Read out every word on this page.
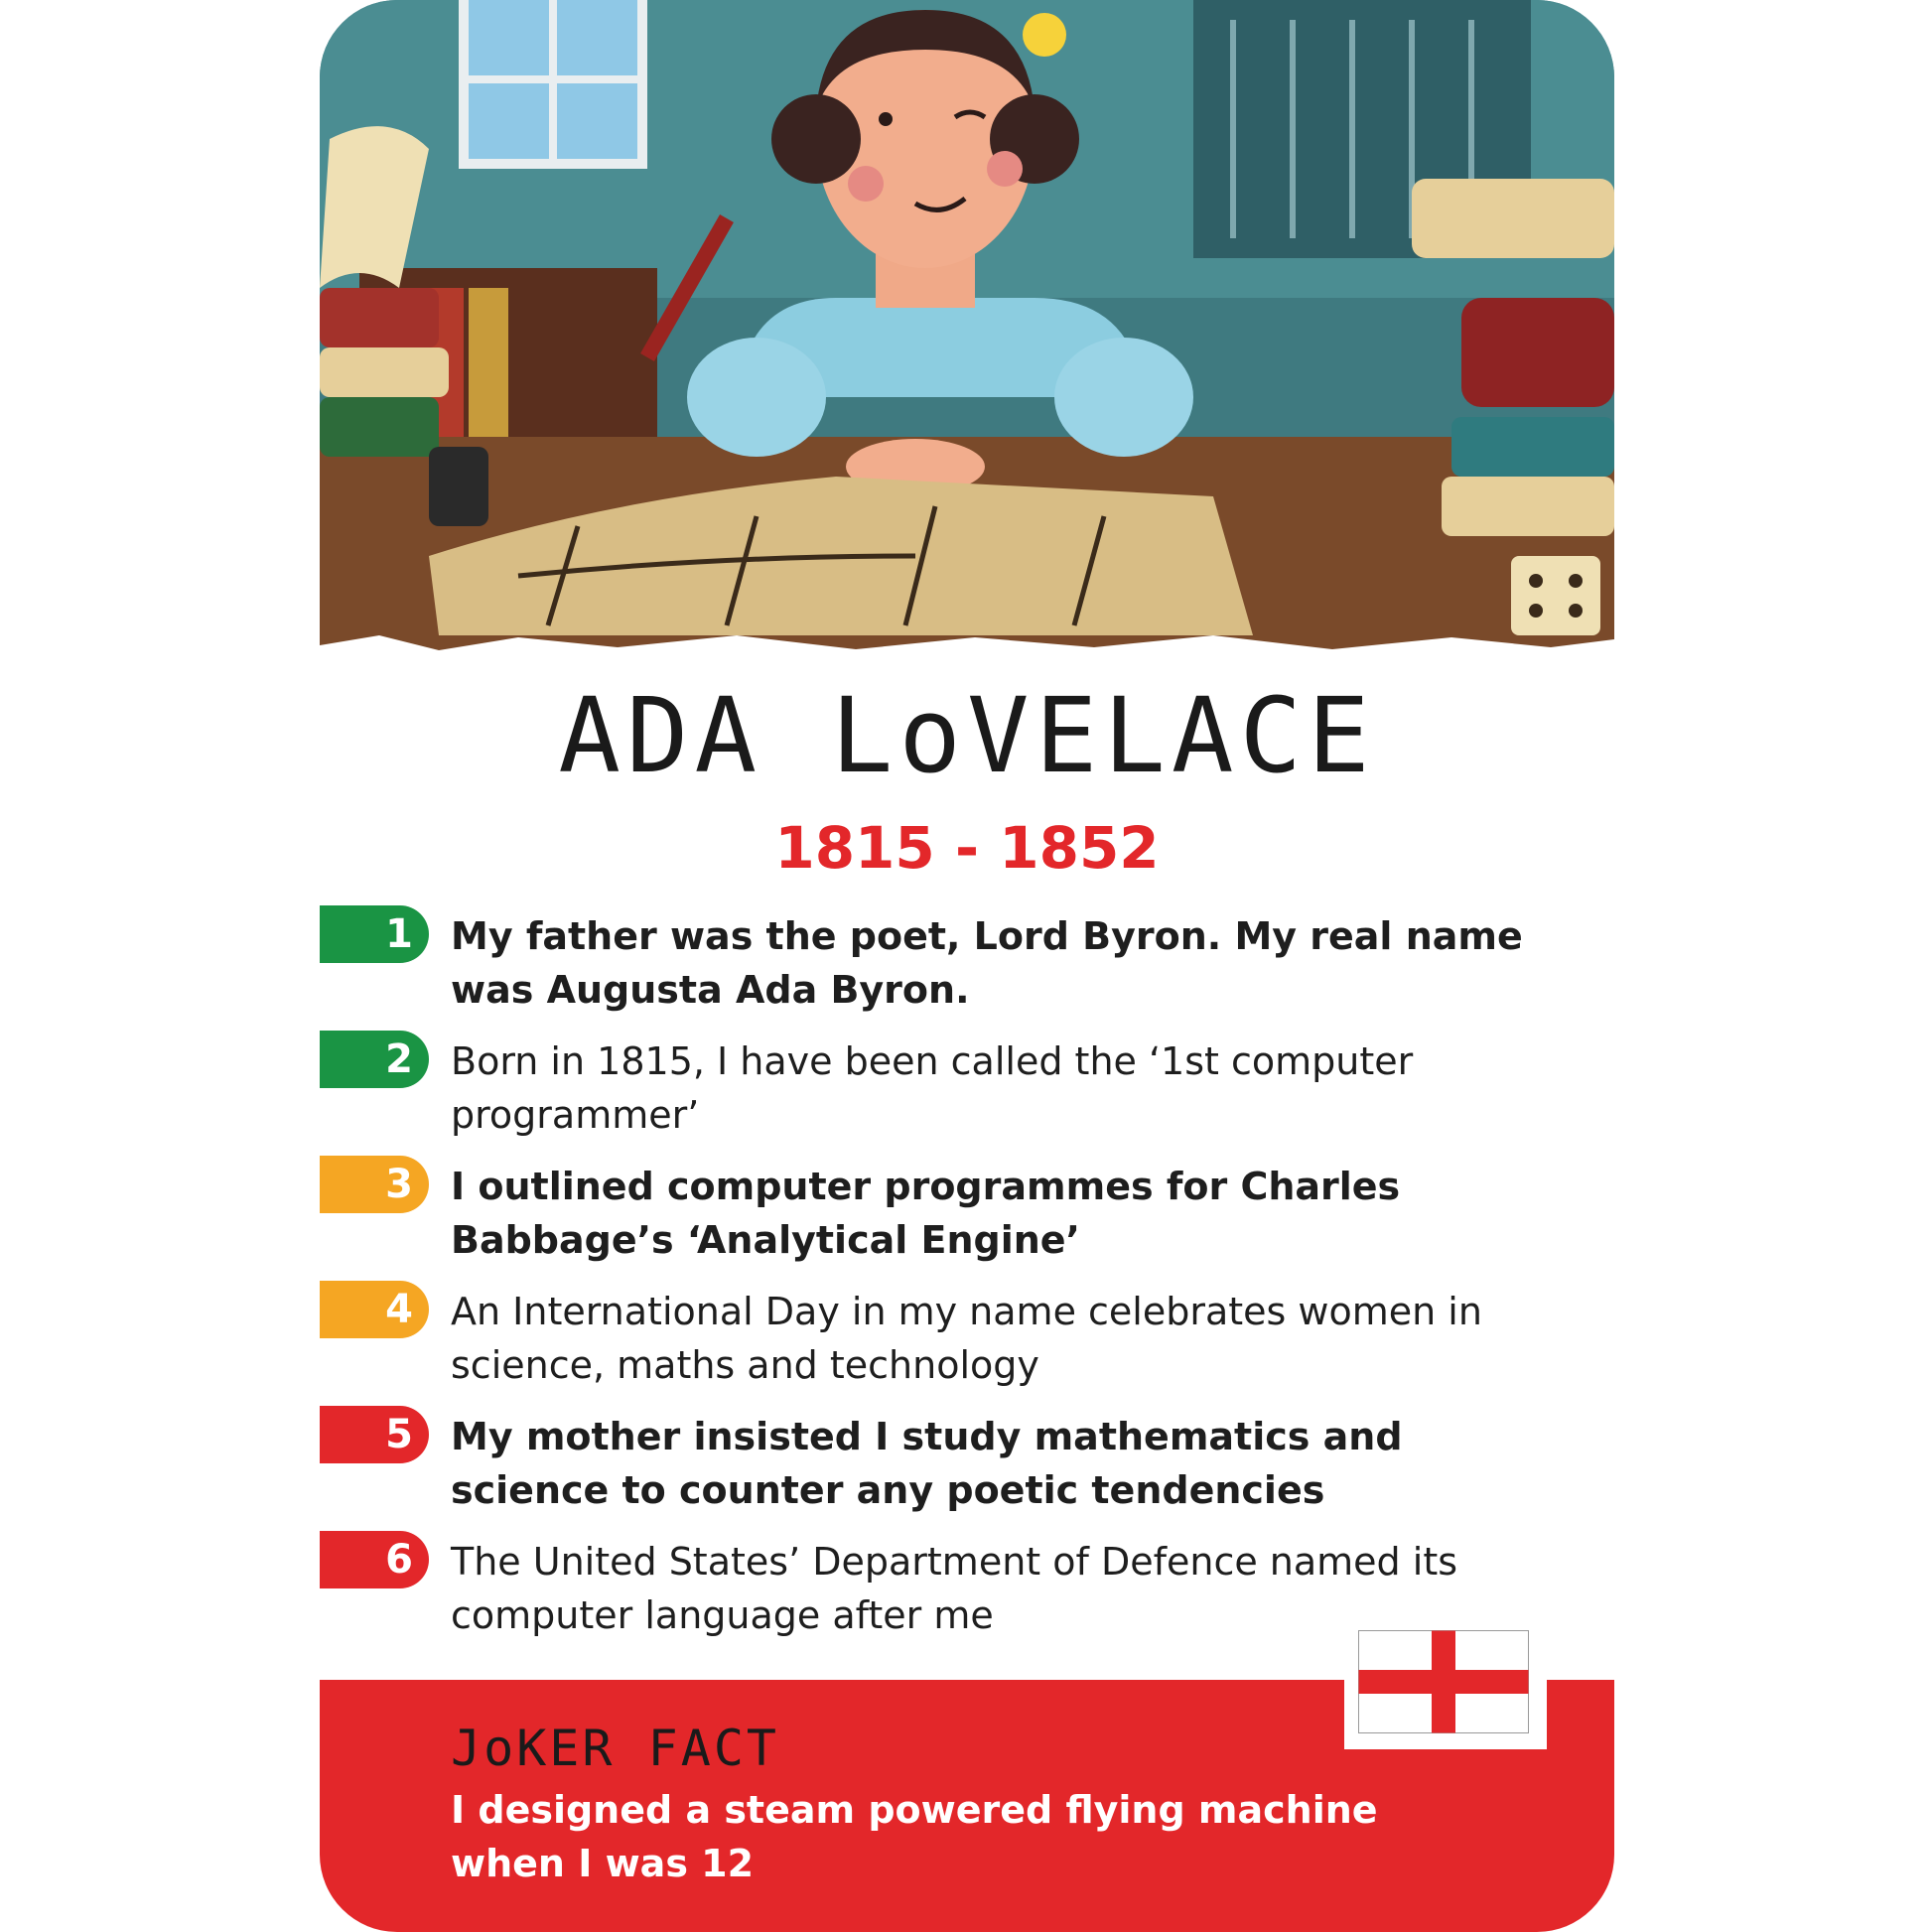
ADA LoVELACE
1815 - 1852
1	My father was the poet, Lord Byron. My real name was Augusta Ada Byron.
2	Born in 1815, I have been called the ‘1st computer programmer’
3	I outlined computer programmes for Charles Babbage’s ‘Analytical Engine’
4	An International Day in my name celebrates women in science, maths and technology
5	My mother insisted I study mathematics and science to counter any poetic tendencies
6	The United States’ Department of Defence named its computer language after me
JoKER FACT
I designed a steam powered flying machine when I was 12
